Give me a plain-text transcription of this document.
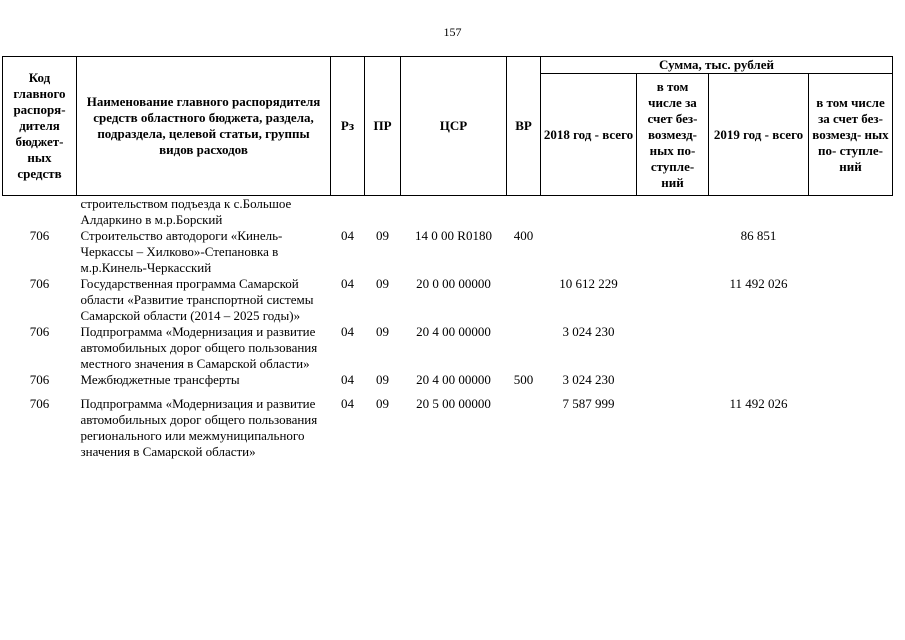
157
Код главного распоря- дителя бюджет- ных средств	Наименование главного распорядителя средств областного бюджета, раздела, подраздела, целевой статьи, группы видов расходов	Рз	ПР	ЦСР	ВР	Сумма, тыс. рублей			
						2018 год - всего	в том числе за счет без- возмезд- ных по- ступле- ний	2019 год - всего	в том числе за счет без- возмезд- ных по- ступле- ний
	строительством подъезда к с.Большое Алдаркино в м.р.Борский								
706	Строительство автодороги «Кинель-Черкассы – Хилково»-Степановка в м.р.Кинель-Черкасский	04	09	14 0 00 R0180	400			86 851	
706	Государственная программа Самарской области «Развитие транспортной системы Самарской области (2014 – 2025 годы)»	04	09	20 0 00 00000		10 612 229		11 492 026	
706	Подпрограмма «Модернизация и развитие автомобильных дорог общего пользования местного значения в Самарской области»	04	09	20 4 00 00000		3 024 230			
706	Межбюджетные трансферты	04	09	20 4 00 00000	500	3 024 230			

706	Подпрограмма «Модернизация и развитие автомобильных дорог общего пользования регионального или межмуниципального значения в Самарской области»	04	09	20 5 00 00000		7 587 999		11 492 026	
